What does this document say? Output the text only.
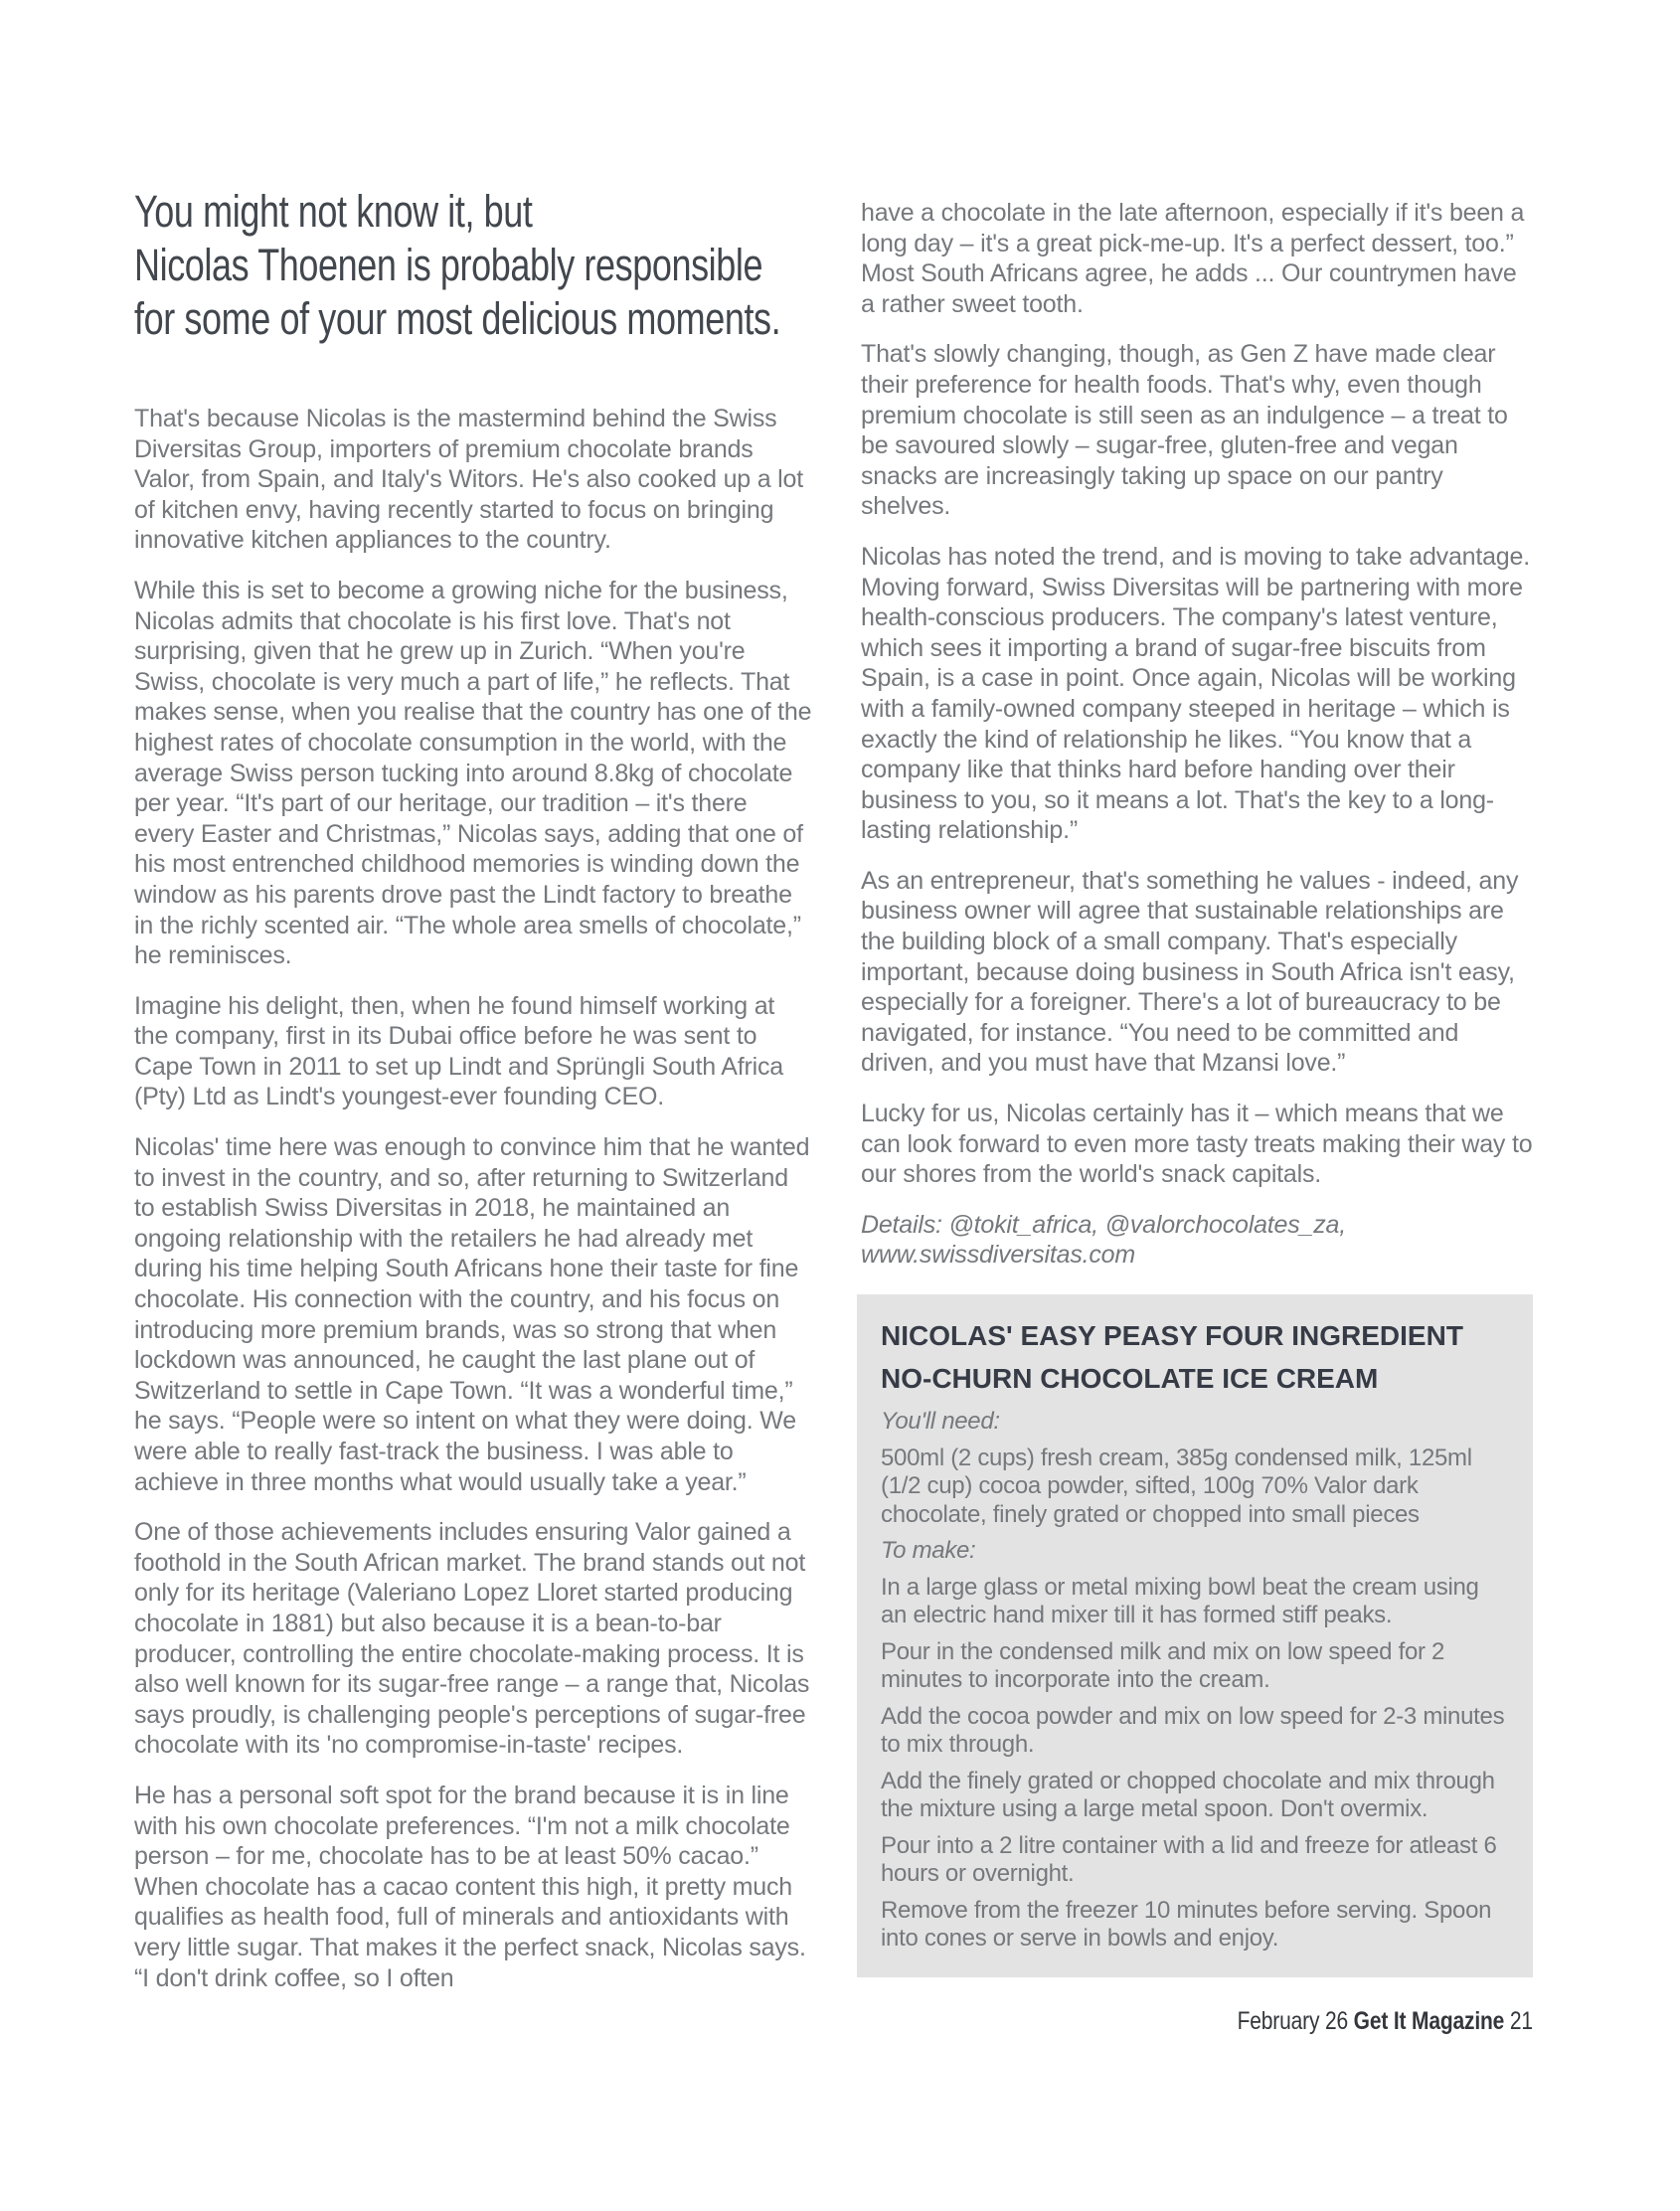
You might not know it, but
Nicolas Thoenen is probably responsible
for some of your most delicious moments.

That's because Nicolas is the mastermind behind the Swiss Diversitas Group, importers of premium chocolate brands Valor, from Spain, and Italy's Witors. He's also cooked up a lot of kitchen envy, having recently started to focus on bringing innovative kitchen appliances to the country.

While this is set to become a growing niche for the business, Nicolas admits that chocolate is his first love. That's not surprising, given that he grew up in Zurich. “When you're Swiss, chocolate is very much a part of life,” he reflects. That makes sense, when you realise that the country has one of the highest rates of chocolate consumption in the world, with the average Swiss person tucking into around 8.8kg of chocolate per year. “It's part of our heritage, our tradition – it's there every Easter and Christmas,” Nicolas says, adding that one of his most entrenched childhood memories is winding down the window as his parents drove past the Lindt factory to breathe in the richly scented air. “The whole area smells of chocolate,” he reminisces.

Imagine his delight, then, when he found himself working at the company, first in its Dubai office before he was sent to Cape Town in 2011 to set up Lindt and Sprüngli South Africa (Pty) Ltd as Lindt's youngest-ever founding CEO.

Nicolas' time here was enough to convince him that he wanted to invest in the country, and so, after returning to Switzerland to establish Swiss Diversitas in 2018, he maintained an ongoing relationship with the retailers he had already met during his time helping South Africans hone their taste for fine chocolate. His connection with the country, and his focus on introducing more premium brands, was so strong that when lockdown was announced, he caught the last plane out of Switzerland to settle in Cape Town. “It was a wonderful time,” he says. “People were so intent on what they were doing. We were able to really fast-track the business. I was able to achieve in three months what would usually take a year.”

One of those achievements includes ensuring Valor gained a foothold in the South African market. The brand stands out not only for its heritage (Valeriano Lopez Lloret started producing chocolate in 1881) but also because it is a bean-to-bar producer, controlling the entire chocolate-making process. It is also well known for its sugar-free range – a range that, Nicolas says proudly, is challenging people's perceptions of sugar-free chocolate with its 'no compromise-in-taste' recipes.

He has a personal soft spot for the brand because it is in line with his own chocolate preferences. “I'm not a milk chocolate person – for me, chocolate has to be at least 50% cacao.” When chocolate has a cacao content this high, it pretty much qualifies as health food, full of minerals and antioxidants with very little sugar. That makes it the perfect snack, Nicolas says. “I don't drink coffee, so I often

have a chocolate in the late afternoon, especially if it's been a long day – it's a great pick-me-up. It's a perfect dessert, too.” Most South Africans agree, he adds ... Our countrymen have a rather sweet tooth.

That's slowly changing, though, as Gen Z have made clear their preference for health foods. That's why, even though premium chocolate is still seen as an indulgence – a treat to be savoured slowly – sugar-free, gluten-free and vegan snacks are increasingly taking up space on our pantry shelves.

Nicolas has noted the trend, and is moving to take advantage. Moving forward, Swiss Diversitas will be partnering with more health-conscious producers. The company's latest venture, which sees it importing a brand of sugar-free biscuits from Spain, is a case in point. Once again, Nicolas will be working with a family-owned company steeped in heritage – which is exactly the kind of relationship he likes. “You know that a company like that thinks hard before handing over their business to you, so it means a lot. That's the key to a long-lasting relationship.”

As an entrepreneur, that's something he values - indeed, any business owner will agree that sustainable relationships are the building block of a small company. That's especially important, because doing business in South Africa isn't easy, especially for a foreigner. There's a lot of bureaucracy to be navigated, for instance. “You need to be committed and driven, and you must have that Mzansi love.”

Lucky for us, Nicolas certainly has it – which means that we can look forward to even more tasty treats making their way to our shores from the world's snack capitals.

Details: @tokit_africa, @valorchocolates_za, www.swissdiversitas.com

NICOLAS' EASY PEASY FOUR INGREDIENT
NO-CHURN CHOCOLATE ICE CREAM

You'll need:

500ml (2 cups) fresh cream, 385g condensed milk, 125ml (1/2 cup) cocoa powder, sifted, 100g 70% Valor dark chocolate, finely grated or chopped into small pieces

To make:

In a large glass or metal mixing bowl beat the cream using an electric hand mixer till it has formed stiff peaks.

Pour in the condensed milk and mix on low speed for 2 minutes to incorporate into the cream.

Add the cocoa powder and mix on low speed for 2-3 minutes to mix through.

Add the finely grated or chopped chocolate and mix through the mixture using a large metal spoon. Don't overmix.

Pour into a 2 litre container with a lid and freeze for atleast 6 hours or overnight.

Remove from the freezer 10 minutes before serving. Spoon into cones or serve in bowls and enjoy.

February 26 Get It Magazine 21
